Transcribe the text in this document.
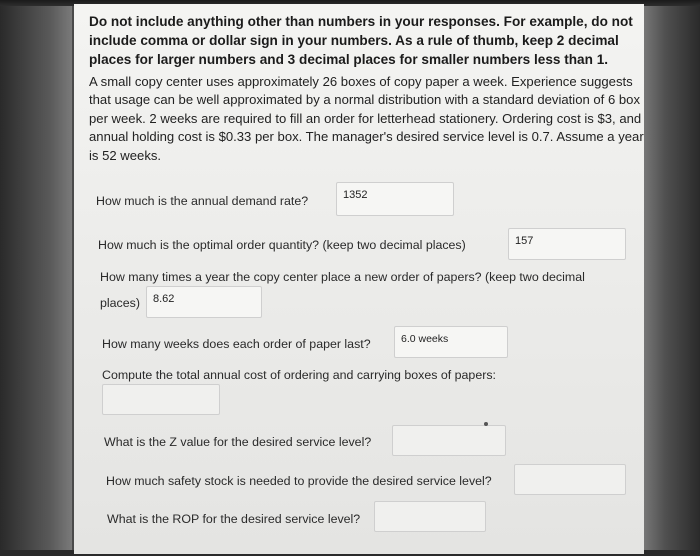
Do not include anything other than numbers in your responses. For example, do not include comma or dollar sign in your numbers. As a rule of thumb, keep 2 decimal places for larger numbers and 3 decimal places for smaller numbers less than 1.

A small copy center uses approximately 26 boxes of copy paper a week. Experience suggests that usage can be well approximated by a normal distribution with a standard deviation of 6 box per week. 2 weeks are required to fill an order for letterhead stationery. Ordering cost is $3, and annual holding cost is $0.33 per box. The manager's desired service level is 0.7. Assume a year is 52 weeks.

How much is the annual demand rate?	1352
How much is the optimal order quantity? (keep two decimal places)	157
How many times a year the copy center place a new order of papers? (keep two decimal
places)	8.62
How many weeks does each order of paper last?	6.0 weeks
Compute the total annual cost of ordering and carrying boxes of papers:
What is the Z value for the desired service level?
How much safety stock is needed to provide the desired service level?
What is the ROP for the desired service level?
